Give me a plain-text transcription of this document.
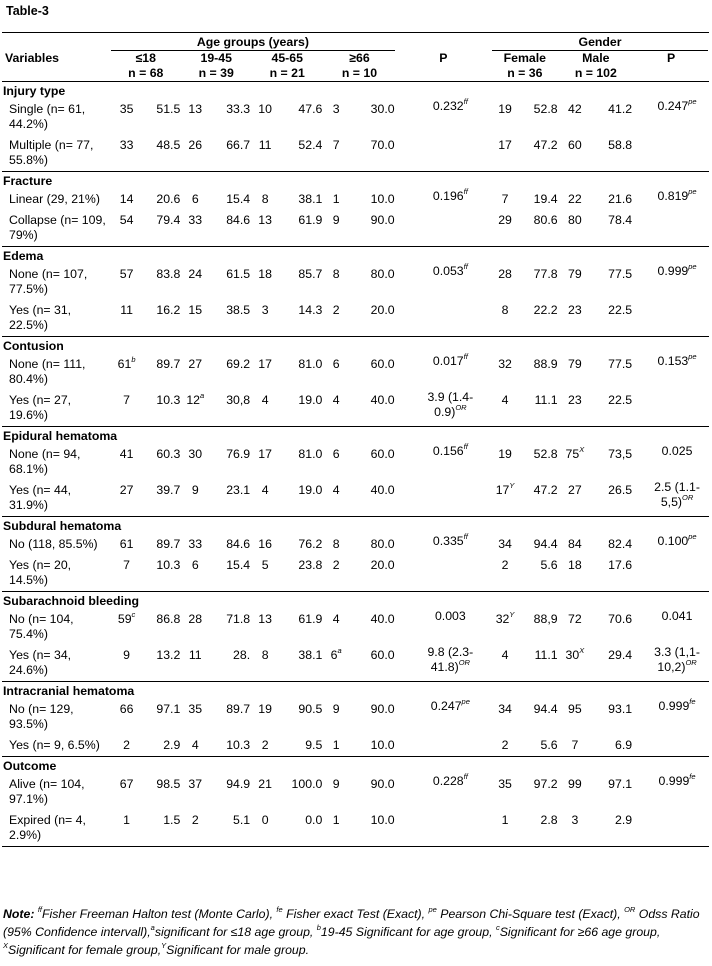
Table-3
	Age groups (years)									Gender				
Variables	≤18		19-45		45-65		≥66		P	Female		Male		P
	n = 68		n = 39		n = 21		n = 10			n = 36		n = 102		
Injury type														
Single (n= 61, 44.2%)	35	51.5	13	33.3	10	47.6	3	30.0	0.232$^{ff}$	19	52.8	42	41.2	$0.247^{pe}$
Multiple (n= 77, 55.8%)	33	48.5	26	66.7	11	52.4	7	70.0		17	47.2	60	58.8	
Fracture														
Linear (29, 21%)	14	20.6	6	15.4	8	38.1	1	10.0	0.196$^{ff}$	7	19.4	22	21.6	$0.819^{pe}$
Collapse (n= 109, 79%)	54	79.4	33	84.6	13	61.9	9	90.0		29	80.6	80	78.4	
Edema														
None (n= 107, 77.5%)	57	83.8	24	61.5	18	85.7	8	80.0	0.053$^{ff}$	28	77.8	79	77.5	$0.999^{pe}$
Yes (n= 31, 22.5%)	11	16.2	15	38.5	3	14.3	2	20.0		8	22.2	23	22.5	
Contusion														
None (n= 111, 80.4%)	61$^b$	89.7	27	69.2	17	81.0	6	60.0	0.017$^{ff}$	32	88.9	79	77.5	$0.153^{pe}$
Yes (n= 27, 19.6%)	7	10.3	12$^a$	30,8	4	19.0	4	40.0	3.9 $(1.4-0.9)^{OR}$	4	11.1	23	22.5	
Epidural hematoma														
None (n= 94, 68.1%)	41	60.3	30	76.9	17	81.0	6	60.0	0.156$^{ff}$	19	52.8	$75^X$	73,5	0.025
Yes (n= 44, 31.9%)	27	39.7	9	23.1	4	19.0	4	40.0		$17^Y$	47.2	27	26.5	2.5 $(1.1-5,5)^{OR}$
Subdural hematoma														
No (118, 85.5%)	61	89.7	33	84.6	16	76.2	8	80.0	0.335$^{ff}$	34	94.4	84	82.4	$0.100^{pe}$
Yes (n= 20, 14.5%)	7	10.3	6	15.4	5	23.8	2	20.0		2	5.6	18	17.6	
Subarachnoid bleeding														
No (n= 104, 75.4%)	59$^c$	86.8	28	71.8	13	61.9	4	40.0	0.003	$32^Y$	88,9	72	70.6	0.041
Yes (n= 34, 24.6%)	9	13.2	11	28.	8	38.1	6$^a$	60.0	9.8 $(2.3-41.8)^{OR}$	4	11.1	$30^X$	29.4	3.3 $(1,1-10,2)^{OR}$
Intracranial hematoma														
No (n= 129, 93.5%)	66	97.1	35	89.7	19	90.5	9	90.0	$0.247^{pe}$	34	94.4	95	93.1	0.999$^{fe}$
Yes (n= 9, 6.5%)	2	2.9	4	10.3	2	9.5	1	10.0		2	5.6	7	6.9	
Outcome														
Alive (n= 104, 97.1%)	67	98.5	37	94.9	21	100.0	9	90.0	0.228$^{ff}$	35	97.2	99	97.1	0.999$^{fe}$
Expired (n= 4, 2.9%)	1	1.5	2	5.1	0	0.0	1	10.0		1	2.8	3	2.9	

Note: $^{ff}$Fisher Freeman Halton test (Monte Carlo), $^{fe}$ Fisher exact Test (Exact), $^{pe}$ Pearson Chi-Square test (Exact), $^{OR}$ Odss Ratio (95% Confidence intervall),$^a$significant for ≤18 age group, $^b$19-45 Significant for age group, $^c$Significant for ≥66 age group, $^X$Significant for female group,$^Y$Significant for male group.
